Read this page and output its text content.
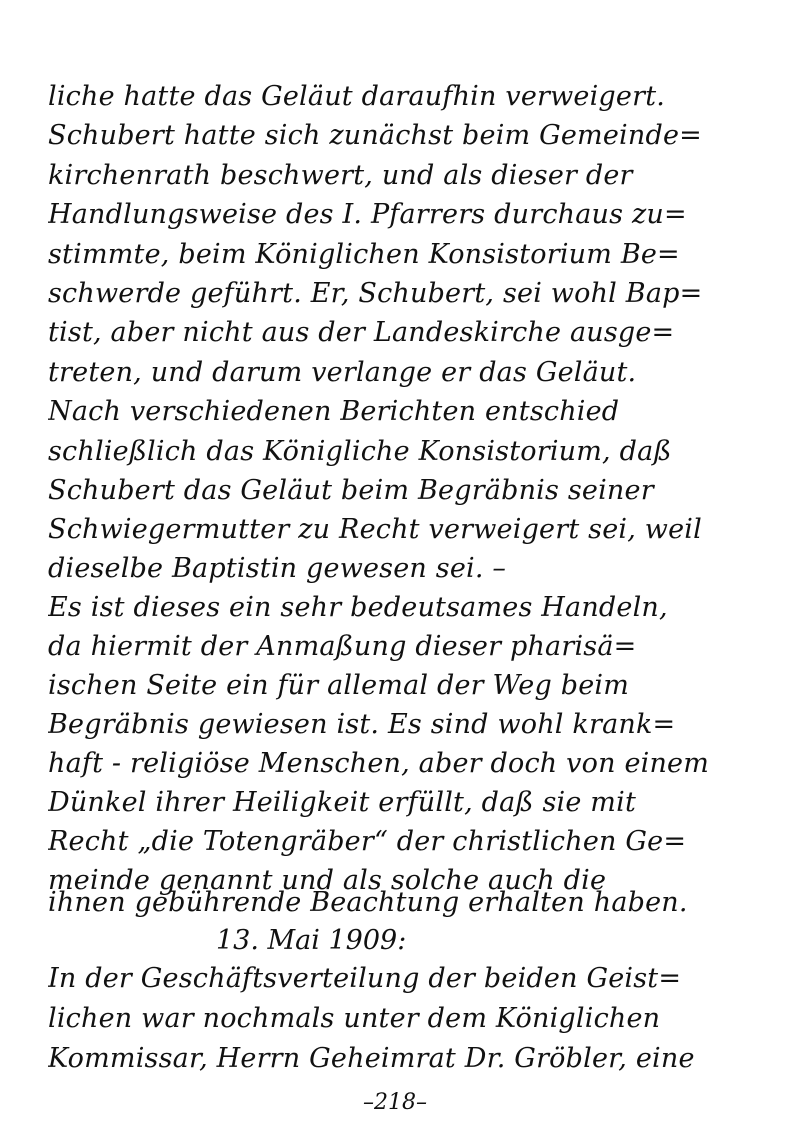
liche hatte das Geläut daraufhin verweigert.
Schubert hatte sich zunächst beim Gemeinde=
kirchenrath beschwert, und als dieser der
Handlungsweise des I. Pfarrers durchaus zu=
stimmte, beim Königlichen Konsistorium Be=
schwerde geführt. Er, Schubert, sei wohl Bap=
tist, aber nicht aus der Landeskirche ausge=
treten, und darum verlange er das Geläut.
Nach verschiedenen Berichten entschied
schließlich das Königliche Konsistorium, daß
Schubert das Geläut beim Begräbnis seiner
Schwiegermutter zu Recht verweigert sei, weil
dieselbe Baptistin gewesen sei. –
Es ist dieses ein sehr bedeutsames Handeln,
da hiermit der Anmaßung dieser pharisä=
ischen Seite ein für allemal der Weg beim
Begräbnis gewiesen ist. Es sind wohl krank=
haft - religiöse Menschen, aber doch von einem
Dünkel ihrer Heiligkeit erfüllt, daß sie mit
Recht „die Totengräber“ der christlichen Ge=
meinde genannt und als solche auch die
ihnen gebührende Beachtung erhalten haben.
13. Mai 1909:
In der Geschäftsverteilung der beiden Geist=
lichen war nochmals unter dem Königlichen
Kommissar, Herrn Geheimrat Dr. Gröbler, eine
–218–
